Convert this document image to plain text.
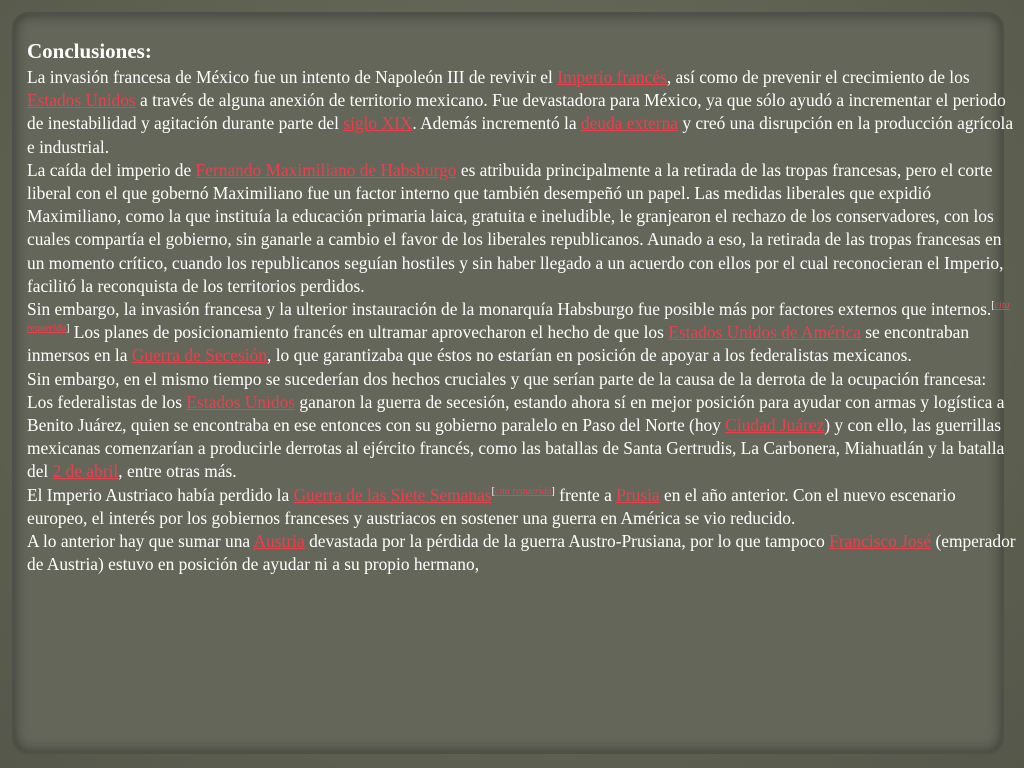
Conclusiones:

La invasión francesa de México fue un intento de Napoleón III de revivir el Imperio francés, así como de prevenir el crecimiento de los Estados Unidos a través de alguna anexión de territorio mexicano. Fue devastadora para México, ya que sólo ayudó a incrementar el periodo de inestabilidad y agitación durante parte del siglo XIX. Además incrementó la deuda externa y creó una disrupción en la producción agrícola e industrial.

La caída del imperio de Fernando Maximiliano de Habsburgo es atribuida principalmente a la retirada de las tropas francesas, pero el corte liberal con el que gobernó Maximiliano fue un factor interno que también desempeñó un papel. Las medidas liberales que expidió Maximiliano, como la que instituía la educación primaria laica, gratuita e ineludible, le granjearon el rechazo de los conservadores, con los cuales compartía el gobierno, sin ganarle a cambio el favor de los liberales republicanos. Aunado a eso, la retirada de las tropas francesas en un momento crítico, cuando los republicanos seguían hostiles y sin haber llegado a un acuerdo con ellos por el cual reconocieran el Imperio, facilitó la reconquista de los territorios perdidos.

Sin embargo, la invasión francesa y la ulterior instauración de la monarquía Habsburgo fue posible más por factores externos que internos.[cita requerida] Los planes de posicionamiento francés en ultramar aprovecharon el hecho de que los Estados Unidos de América se encontraban inmersos en la Guerra de Secesión, lo que garantizaba que éstos no estarían en posición de apoyar a los federalistas mexicanos.

Sin embargo, en el mismo tiempo se sucederían dos hechos cruciales y que serían parte de la causa de la derrota de la ocupación francesa:

Los federalistas de los Estados Unidos ganaron la guerra de secesión, estando ahora sí en mejor posición para ayudar con armas y logística a Benito Juárez, quien se encontraba en ese entonces con su gobierno paralelo en Paso del Norte (hoy Ciudad Juárez) y con ello, las guerrillas mexicanas comenzarían a producirle derrotas al ejército francés, como las batallas de Santa Gertrudis, La Carbonera, Miahuatlán y la batalla del 2 de abril, entre otras más.

El Imperio Austriaco había perdido la Guerra de las Siete Semanas[cita requerida] frente a Prusia en el año anterior. Con el nuevo escenario europeo, el interés por los gobiernos franceses y austriacos en sostener una guerra en América se vio reducido.

A lo anterior hay que sumar una Austria devastada por la pérdida de la guerra Austro-Prusiana, por lo que tampoco Francisco José (emperador de Austria) estuvo en posición de ayudar ni a su propio hermano,
